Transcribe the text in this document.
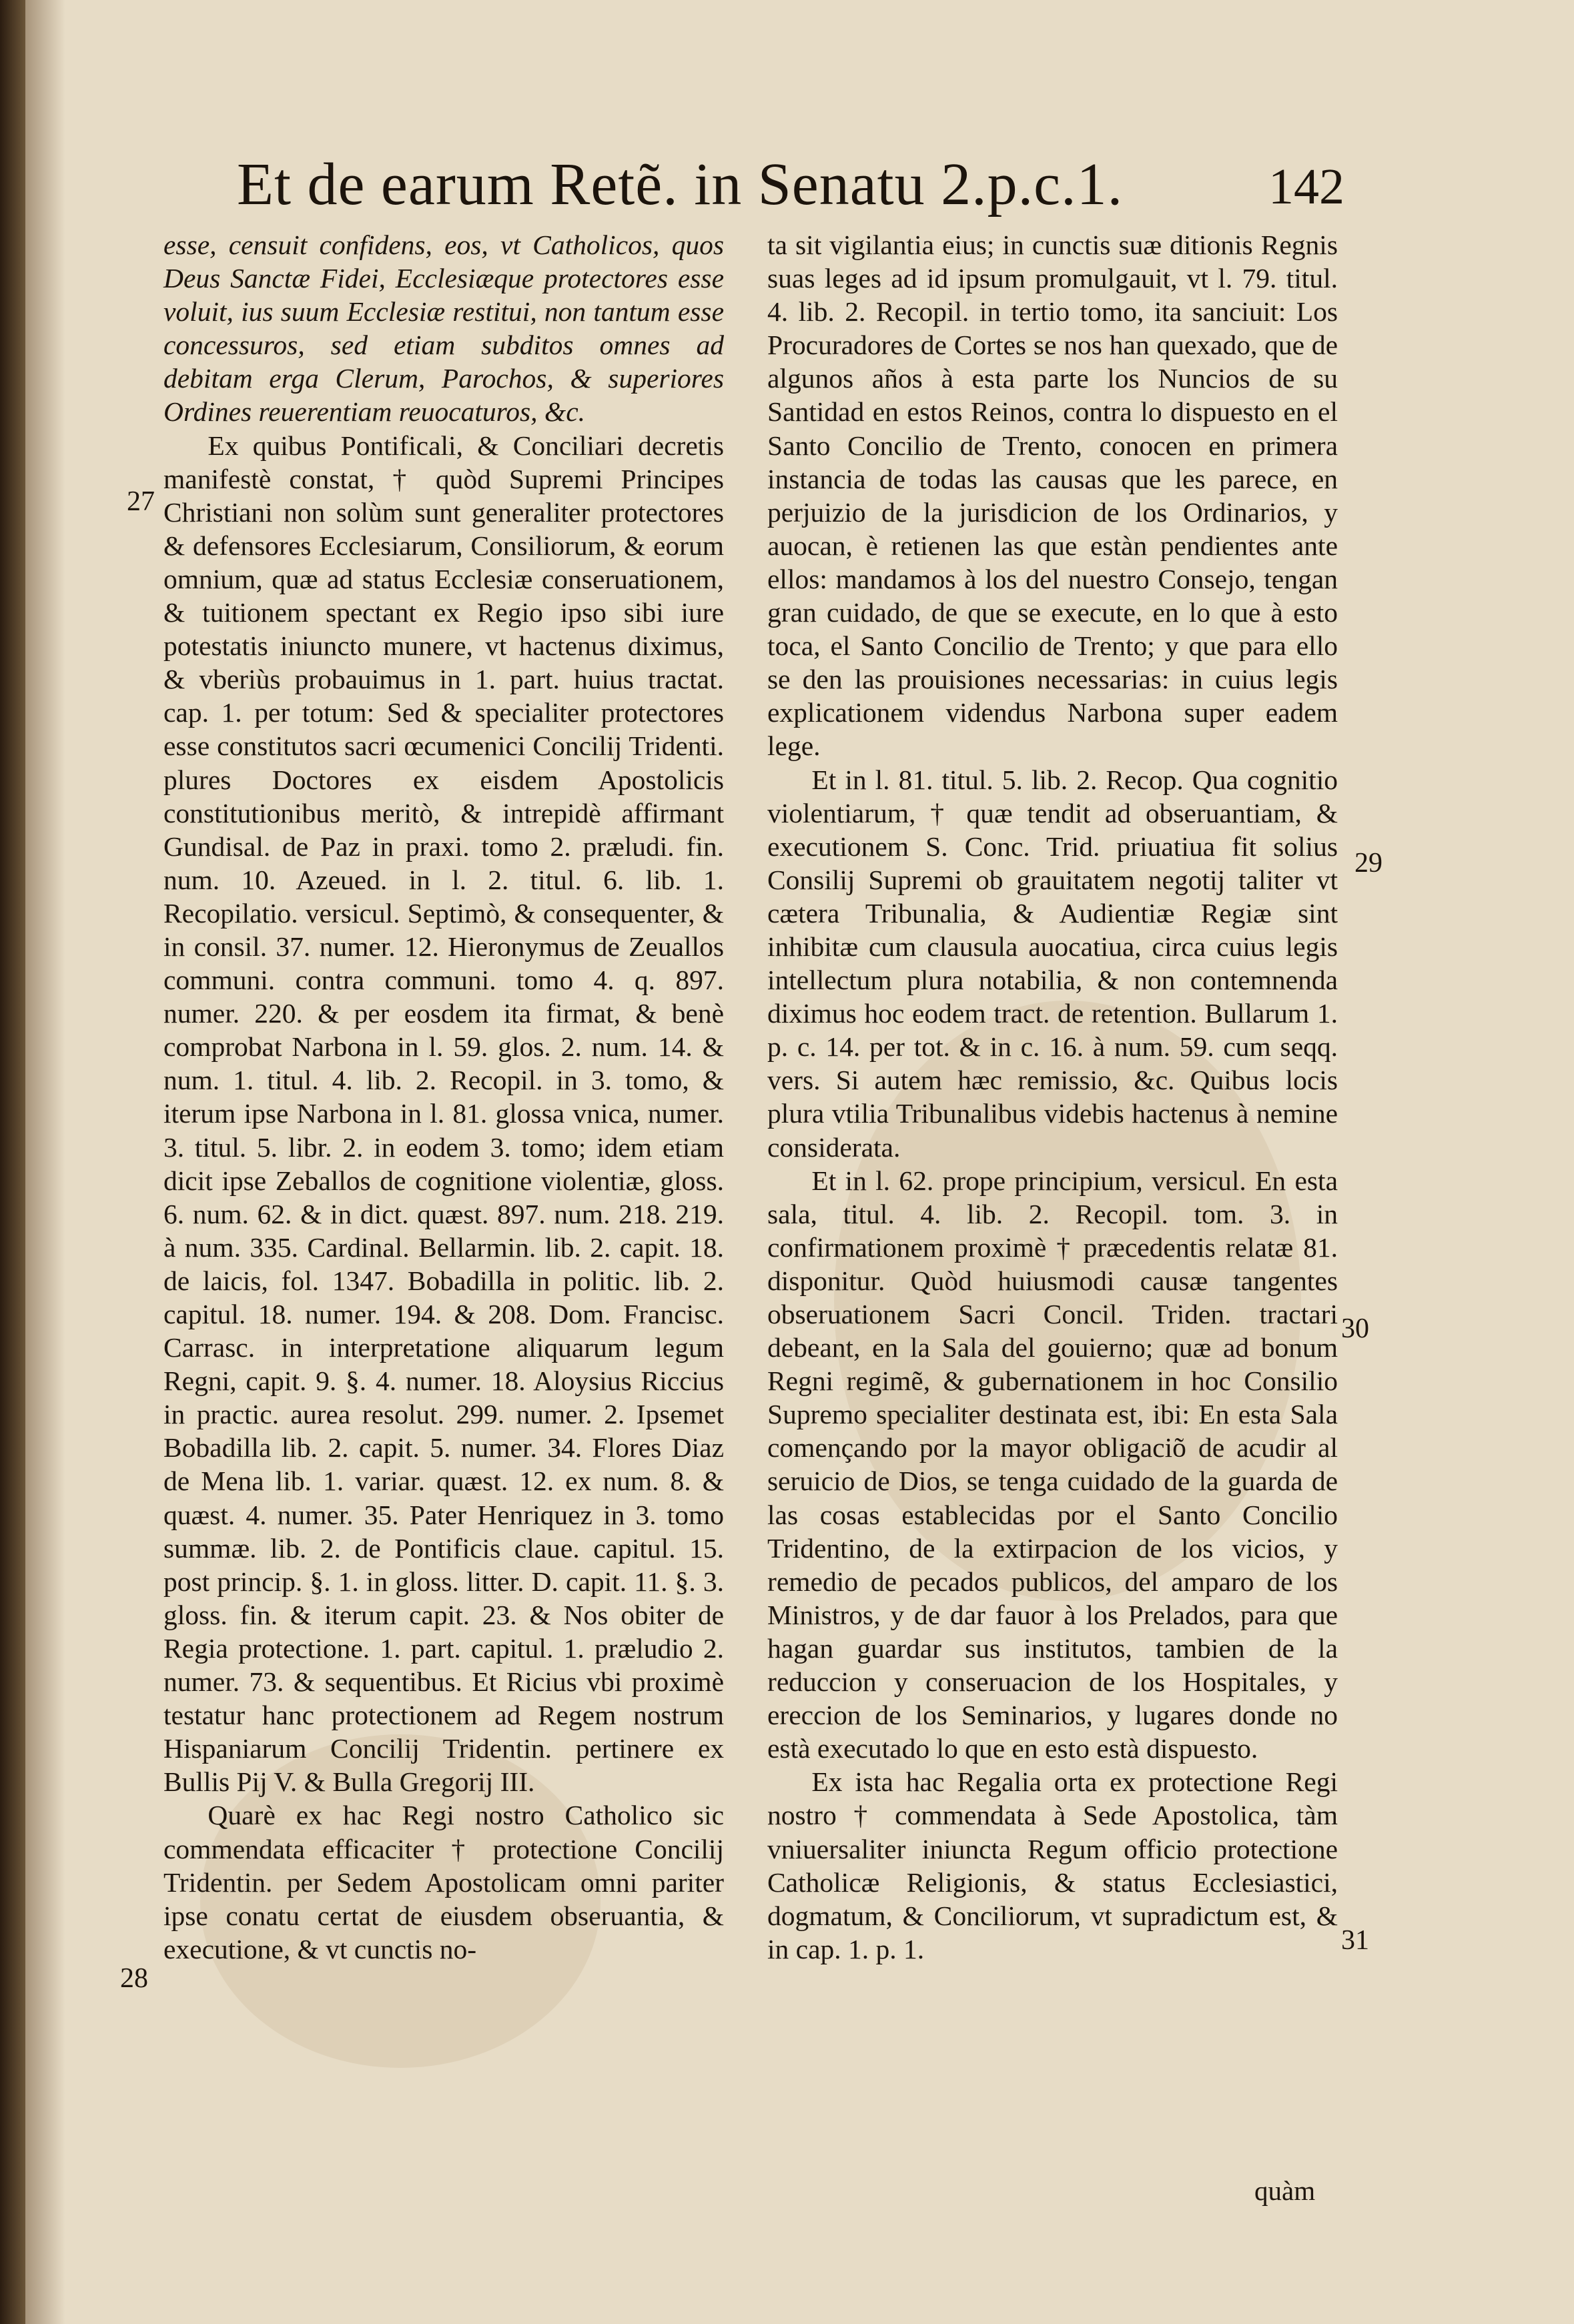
Et de earum Retẽ. in Senatu 2.p.c.1.	142

esse, censuit confidens, eos, vt Catholicos, quos Deus Sanctæ Fidei, Ecclesiæque protectores esse voluit, ius suum Ecclesiæ restitui, non tantum esse concessuros, sed etiam subditos omnes ad debitam erga Clerum, Parochos, & superiores Ordines reuerentiam reuocaturos, &c.

Ex quibus Pontificali, & Conciliari decretis manifestè constat, † quòd Supremi Principes Christiani non solùm sunt generaliter protectores & defensores Ecclesiarum, Consiliorum, & eorum omnium, quæ ad status Ecclesiæ conseruationem, & tuitionem spectant ex Regio ipso sibi iure potestatis iniuncto munere, vt hactenus diximus, & vberiùs probauimus in 1. part. huius tractat. cap. 1. per totum: Sed & specialiter protectores esse constitutos sacri œcumenici Concilij Tridenti. plures Doctores ex eisdem Apostolicis constitutionibus meritò, & intrepidè affirmant Gundisal. de Paz in praxi. tomo 2. præludi. fin. num. 10. Azeued. in l. 2. titul. 6. lib. 1. Recopilatio. versicul. Septimò, & consequenter, & in consil. 37. numer. 12. Hieronymus de Zeuallos communi. contra communi. tomo 4. q. 897. numer. 220. & per eosdem ita firmat, & benè comprobat Narbona in l. 59. glos. 2. num. 14. & num. 1. titul. 4. lib. 2. Recopil. in 3. tomo, & iterum ipse Narbona in l. 81. glossa vnica, numer. 3. titul. 5. libr. 2. in eodem 3. tomo; idem etiam dicit ipse Zeballos de cognitione violentiæ, gloss. 6. num. 62. & in dict. quæst. 897. num. 218. 219. à num. 335. Cardinal. Bellarmin. lib. 2. capit. 18. de laicis, fol. 1347. Bobadilla in politic. lib. 2. capitul. 18. numer. 194. & 208. Dom. Francisc. Carrasc. in interpretatione aliquarum legum Regni, capit. 9. §. 4. numer. 18. Aloysius Riccius in practic. aurea resolut. 299. numer. 2. Ipsemet Bobadilla lib. 2. capit. 5. numer. 34. Flores Diaz de Mena lib. 1. variar. quæst. 12. ex num. 8. & quæst. 4. numer. 35. Pater Henriquez in 3. tomo summæ. lib. 2. de Pontificis claue. capitul. 15. post princip. §. 1. in gloss. litter. D. capit. 11. §. 3. gloss. fin. & iterum capit. 23. & Nos obiter de Regia protectione. 1. part. capitul. 1. præludio 2. numer. 73. & sequentibus. Et Ricius vbi proximè testatur hanc protectionem ad Regem nostrum Hispaniarum Concilij Tridentin. pertinere ex Bullis Pij V. & Bulla Gregorij III.

Quarè ex hac Regi nostro Catholico sic commendata efficaciter † protectione Concilij Tridentin. per Sedem Apostolicam omni pariter ipse conatu certat de eiusdem obseruantia, & executione, & vt cunctis no-

ta sit vigilantia eius; in cunctis suæ ditionis Regnis suas leges ad id ipsum promulgauit, vt l. 79. titul. 4. lib. 2. Recopil. in tertio tomo, ita sanciuit: Los Procuradores de Cortes se nos han quexado, que de algunos años à esta parte los Nuncios de su Santidad en estos Reinos, contra lo dispuesto en el Santo Concilio de Trento, conocen en primera instancia de todas las causas que les parece, en perjuizio de la jurisdicion de los Ordinarios, y auocan, è retienen las que estàn pendientes ante ellos: mandamos à los del nuestro Consejo, tengan gran cuidado, de que se execute, en lo que à esto toca, el Santo Concilio de Trento; y que para ello se den las prouisiones necessarias: in cuius legis explicationem videndus Narbona super eadem lege.

Et in l. 81. titul. 5. lib. 2. Recop. Qua cognitio violentiarum, † quæ tendit ad obseruantiam, & executionem S. Conc. Trid. priuatiua fit solius Consilij Supremi ob grauitatem negotij taliter vt cætera Tribunalia, & Audientiæ Regiæ sint inhibitæ cum clausula auocatiua, circa cuius legis intellectum plura notabilia, & non contemnenda diximus hoc eodem tract. de retention. Bullarum 1. p. c. 14. per tot. & in c. 16. à num. 59. cum seqq. vers. Si autem hæc remissio, &c. Quibus locis plura vtilia Tribunalibus videbis hactenus à nemine considerata.

Et in l. 62. prope principium, versicul. En esta sala, titul. 4. lib. 2. Recopil. tom. 3. in confirmationem proximè † præcedentis relatæ 81. disponitur. Quòd huiusmodi causæ tangentes obseruationem Sacri Concil. Triden. tractari debeant, en la Sala del gouierno; quæ ad bonum Regni regimẽ, & gubernationem in hoc Consilio Supremo specialiter destinata est, ibi: En esta Sala començando por la mayor obligaciõ de acudir al seruicio de Dios, se tenga cuidado de la guarda de las cosas establecidas por el Santo Concilio Tridentino, de la extirpacion de los vicios, y remedio de pecados publicos, del amparo de los Ministros, y de dar fauor à los Prelados, para que hagan guardar sus institutos, tambien de la reduccion y conseruacion de los Hospitales, y ereccion de los Seminarios, y lugares donde no està executado lo que en esto està dispuesto.

Ex ista hac Regalia orta ex protectione Regi nostro † commendata à Sede Apostolica, tàm vniuersaliter iniuncta Regum officio protectione Catholicæ Religionis, & status Ecclesiastici, dogmatum, & Conciliorum, vt supradictum est, & in cap. 1. p. 1.

27
28
29
30
31
quàm
